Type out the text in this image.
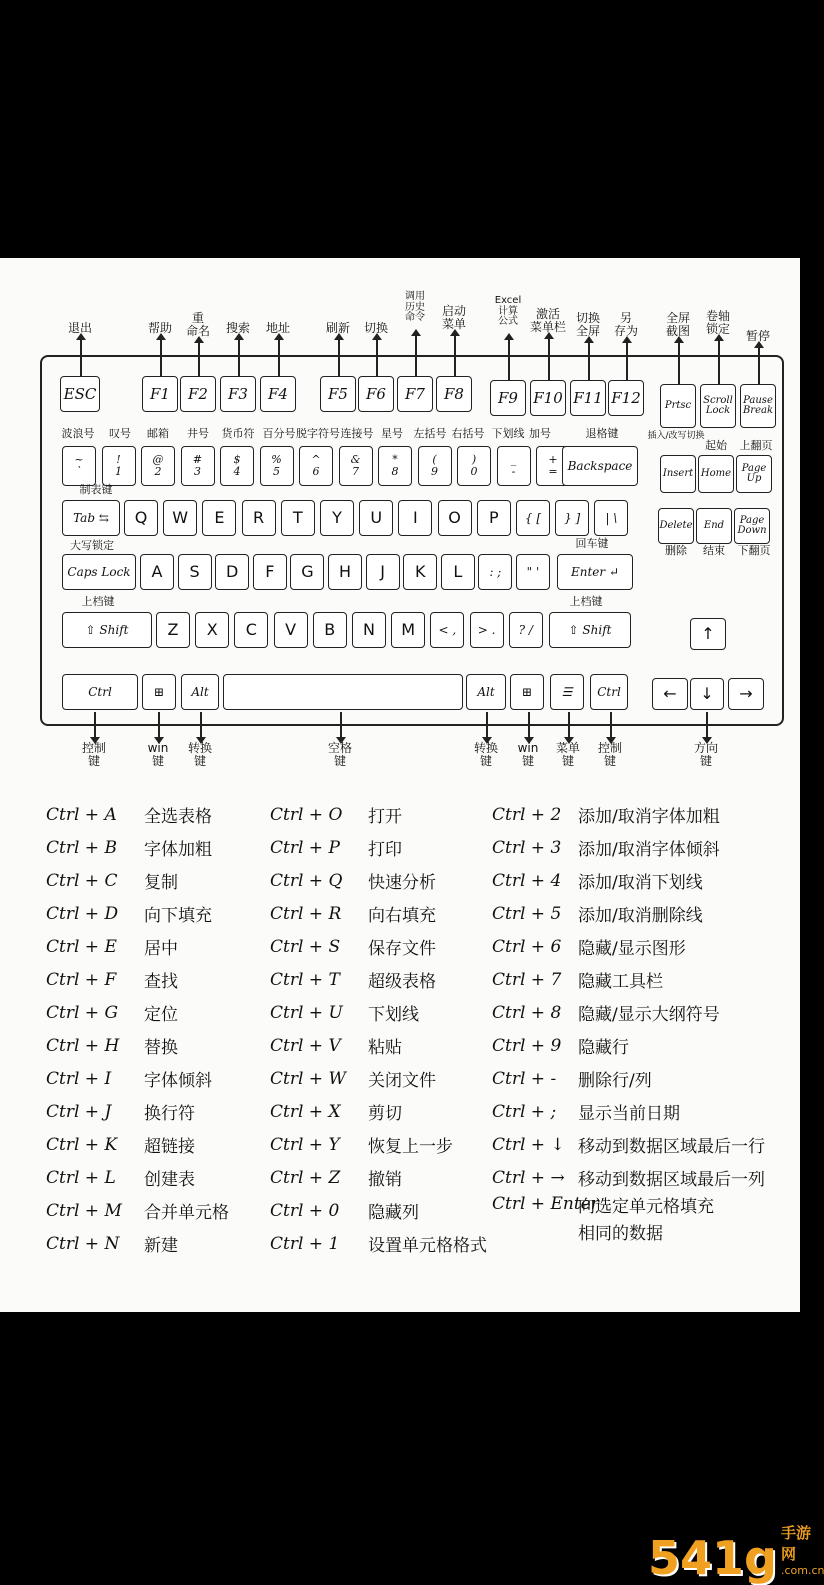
ESC	F1	F2	F3	F4	F5	F6	F7	F8	F9	F10 F11 F12	Prtsc	Scroll Lock
Pause Break
退出	帮助
重
命名 搜索 地址	刷新 切换
调用
历史
命令 启动
菜单
Excel
计算
公式
激活
菜单栏
切换
全屏
另
存为
全屏
截图
卷轴
锁定
暂停
~
`
!
1
@
2
#
3
$
4
%
5
^
6
&
7
*
8
(
9
)
0
_
-
+
= Backspace
波浪号 叹号 邮箱 井号 货币符 百分号 脱字符号 连接号 星号 左括号 右括号 下划线 加号	退格键
Insert Home	Page Up
Delete	End	Page Down
插入/改写切换
起始 上翻页
删除 结束 下翻页
制表键
Tab ⇆	Q	W	E	R	T	Y	U	I	O	P	{ [	} ]	| \
大写锁定
Caps Lock	A	S	D	F	G	H	J	K	L	: ;	" '	Enter ↵
回车键
上档键	上档键
⇧ Shift	Z	X	C	V	B	N	M	< ,	> .	? /	⇧ Shift	↑
Ctrl	⊞	Alt	Alt	⊞	☰	Ctrl	←	↓	→
控制
键
win
键
转换
键
空格
键
转换
键
win
键
菜单
键
控制
键
方向
键
Ctrl + A	全选表格
Ctrl + B	字体加粗
Ctrl + C	复制
Ctrl + D	向下填充
Ctrl + E	居中
Ctrl + F	查找
Ctrl + G	定位
Ctrl + H	替换
Ctrl + I	字体倾斜
Ctrl + J	换行符
Ctrl + K	超链接
Ctrl + L	创建表
Ctrl + M	合并单元格
Ctrl + N	新建
Ctrl + O	打开
Ctrl + P	打印
Ctrl + Q	快速分析
Ctrl + R	向右填充
Ctrl + S	保存文件
Ctrl + T	超级表格
Ctrl + U	下划线
Ctrl + V	粘贴
Ctrl + W	关闭文件
Ctrl + X	剪切
Ctrl + Y	恢复上一步
Ctrl + Z	撤销
Ctrl + 0	隐藏列
Ctrl + 1	设置单元格格式
Ctrl + 2 添加/取消字体加粗
Ctrl + 3 添加/取消字体倾斜
Ctrl + 4 添加/取消下划线
Ctrl + 5 添加/取消删除线
Ctrl + 6 隐藏/显示图形
Ctrl + 7 隐藏工具栏
Ctrl + 8 隐藏/显示大纲符号
Ctrl + 9 隐藏行
Ctrl + -	删除行/列
Ctrl + ;	显示当前日期
Ctrl + ↓ 移动到数据区域最后一行
Ctrl + → 移动到数据区域最后一列
Ctrl + Enter
向选定单元格填充
相同的数据
541g 手游网
.com.cn
